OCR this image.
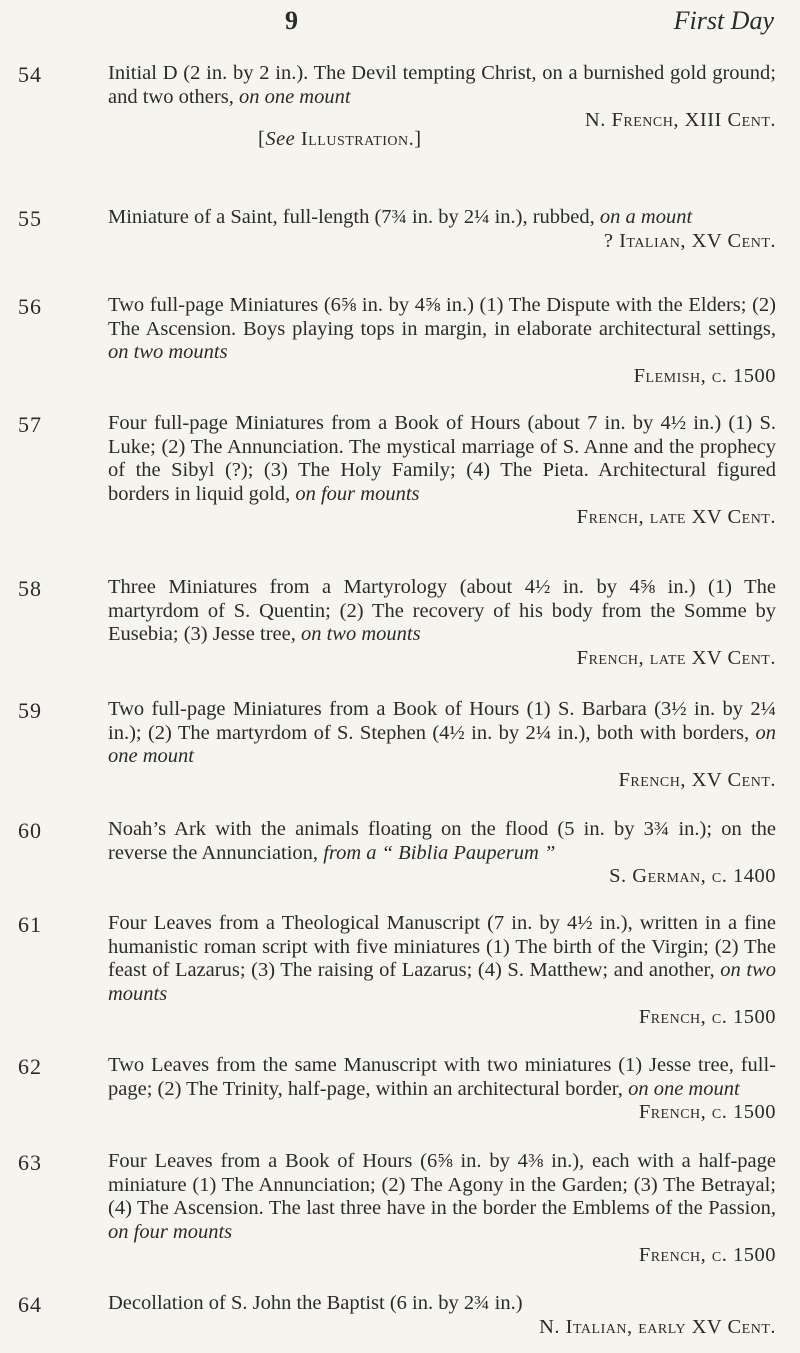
9	First Day
54	Initial D (2 in. by 2 in.). The Devil tempting Christ, on a burnished gold ground; and two others, on one mount
N. French, XIII Cent.
[See Illustration.]
55	Miniature of a Saint, full-length (7¾ in. by 2¼ in.), rubbed, on a mount
? Italian, XV Cent.
56	Two full-page Miniatures (6⅝ in. by 4⅝ in.) (1) The Dispute with the Elders; (2) The Ascension. Boys playing tops in margin, in elaborate architectural settings, on two mounts
Flemish, c. 1500
57	Four full-page Miniatures from a Book of Hours (about 7 in. by 4½ in.) (1) S. Luke; (2) The Annunciation. The mystical marriage of S. Anne and the prophecy of the Sibyl (?); (3) The Holy Family; (4) The Pieta. Architectural figured borders in liquid gold, on four mounts
French, late XV Cent.
58	Three Miniatures from a Martyrology (about 4½ in. by 4⅝ in.) (1) The martyrdom of S. Quentin; (2) The recovery of his body from the Somme by Eusebia; (3) Jesse tree, on two mounts
French, late XV Cent.
59	Two full-page Miniatures from a Book of Hours (1) S. Barbara (3½ in. by 2¼ in.); (2) The martyrdom of S. Stephen (4½ in. by 2¼ in.), both with borders, on one mount
French, XV Cent.
60	Noah’s Ark with the animals floating on the flood (5 in. by 3¾ in.); on the reverse the Annunciation, from a “ Biblia Pauperum ”
S. German, c. 1400
61	Four Leaves from a Theological Manuscript (7 in. by 4½ in.), written in a fine humanistic roman script with five miniatures (1) The birth of the Virgin; (2) The feast of Lazarus; (3) The raising of Lazarus; (4) S. Matthew; and another, on two mounts
French, c. 1500
62	Two Leaves from the same Manuscript with two miniatures (1) Jesse tree, full-page; (2) The Trinity, half-page, within an architectural border, on one mount
French, c. 1500
63	Four Leaves from a Book of Hours (6⅝ in. by 4⅜ in.), each with a half-page miniature (1) The Annunciation; (2) The Agony in the Garden; (3) The Betrayal; (4) The Ascension. The last three have in the border the Emblems of the Passion, on four mounts
French, c. 1500
64	Decollation of S. John the Baptist (6 in. by 2¾ in.)
N. Italian, early XV Cent.
